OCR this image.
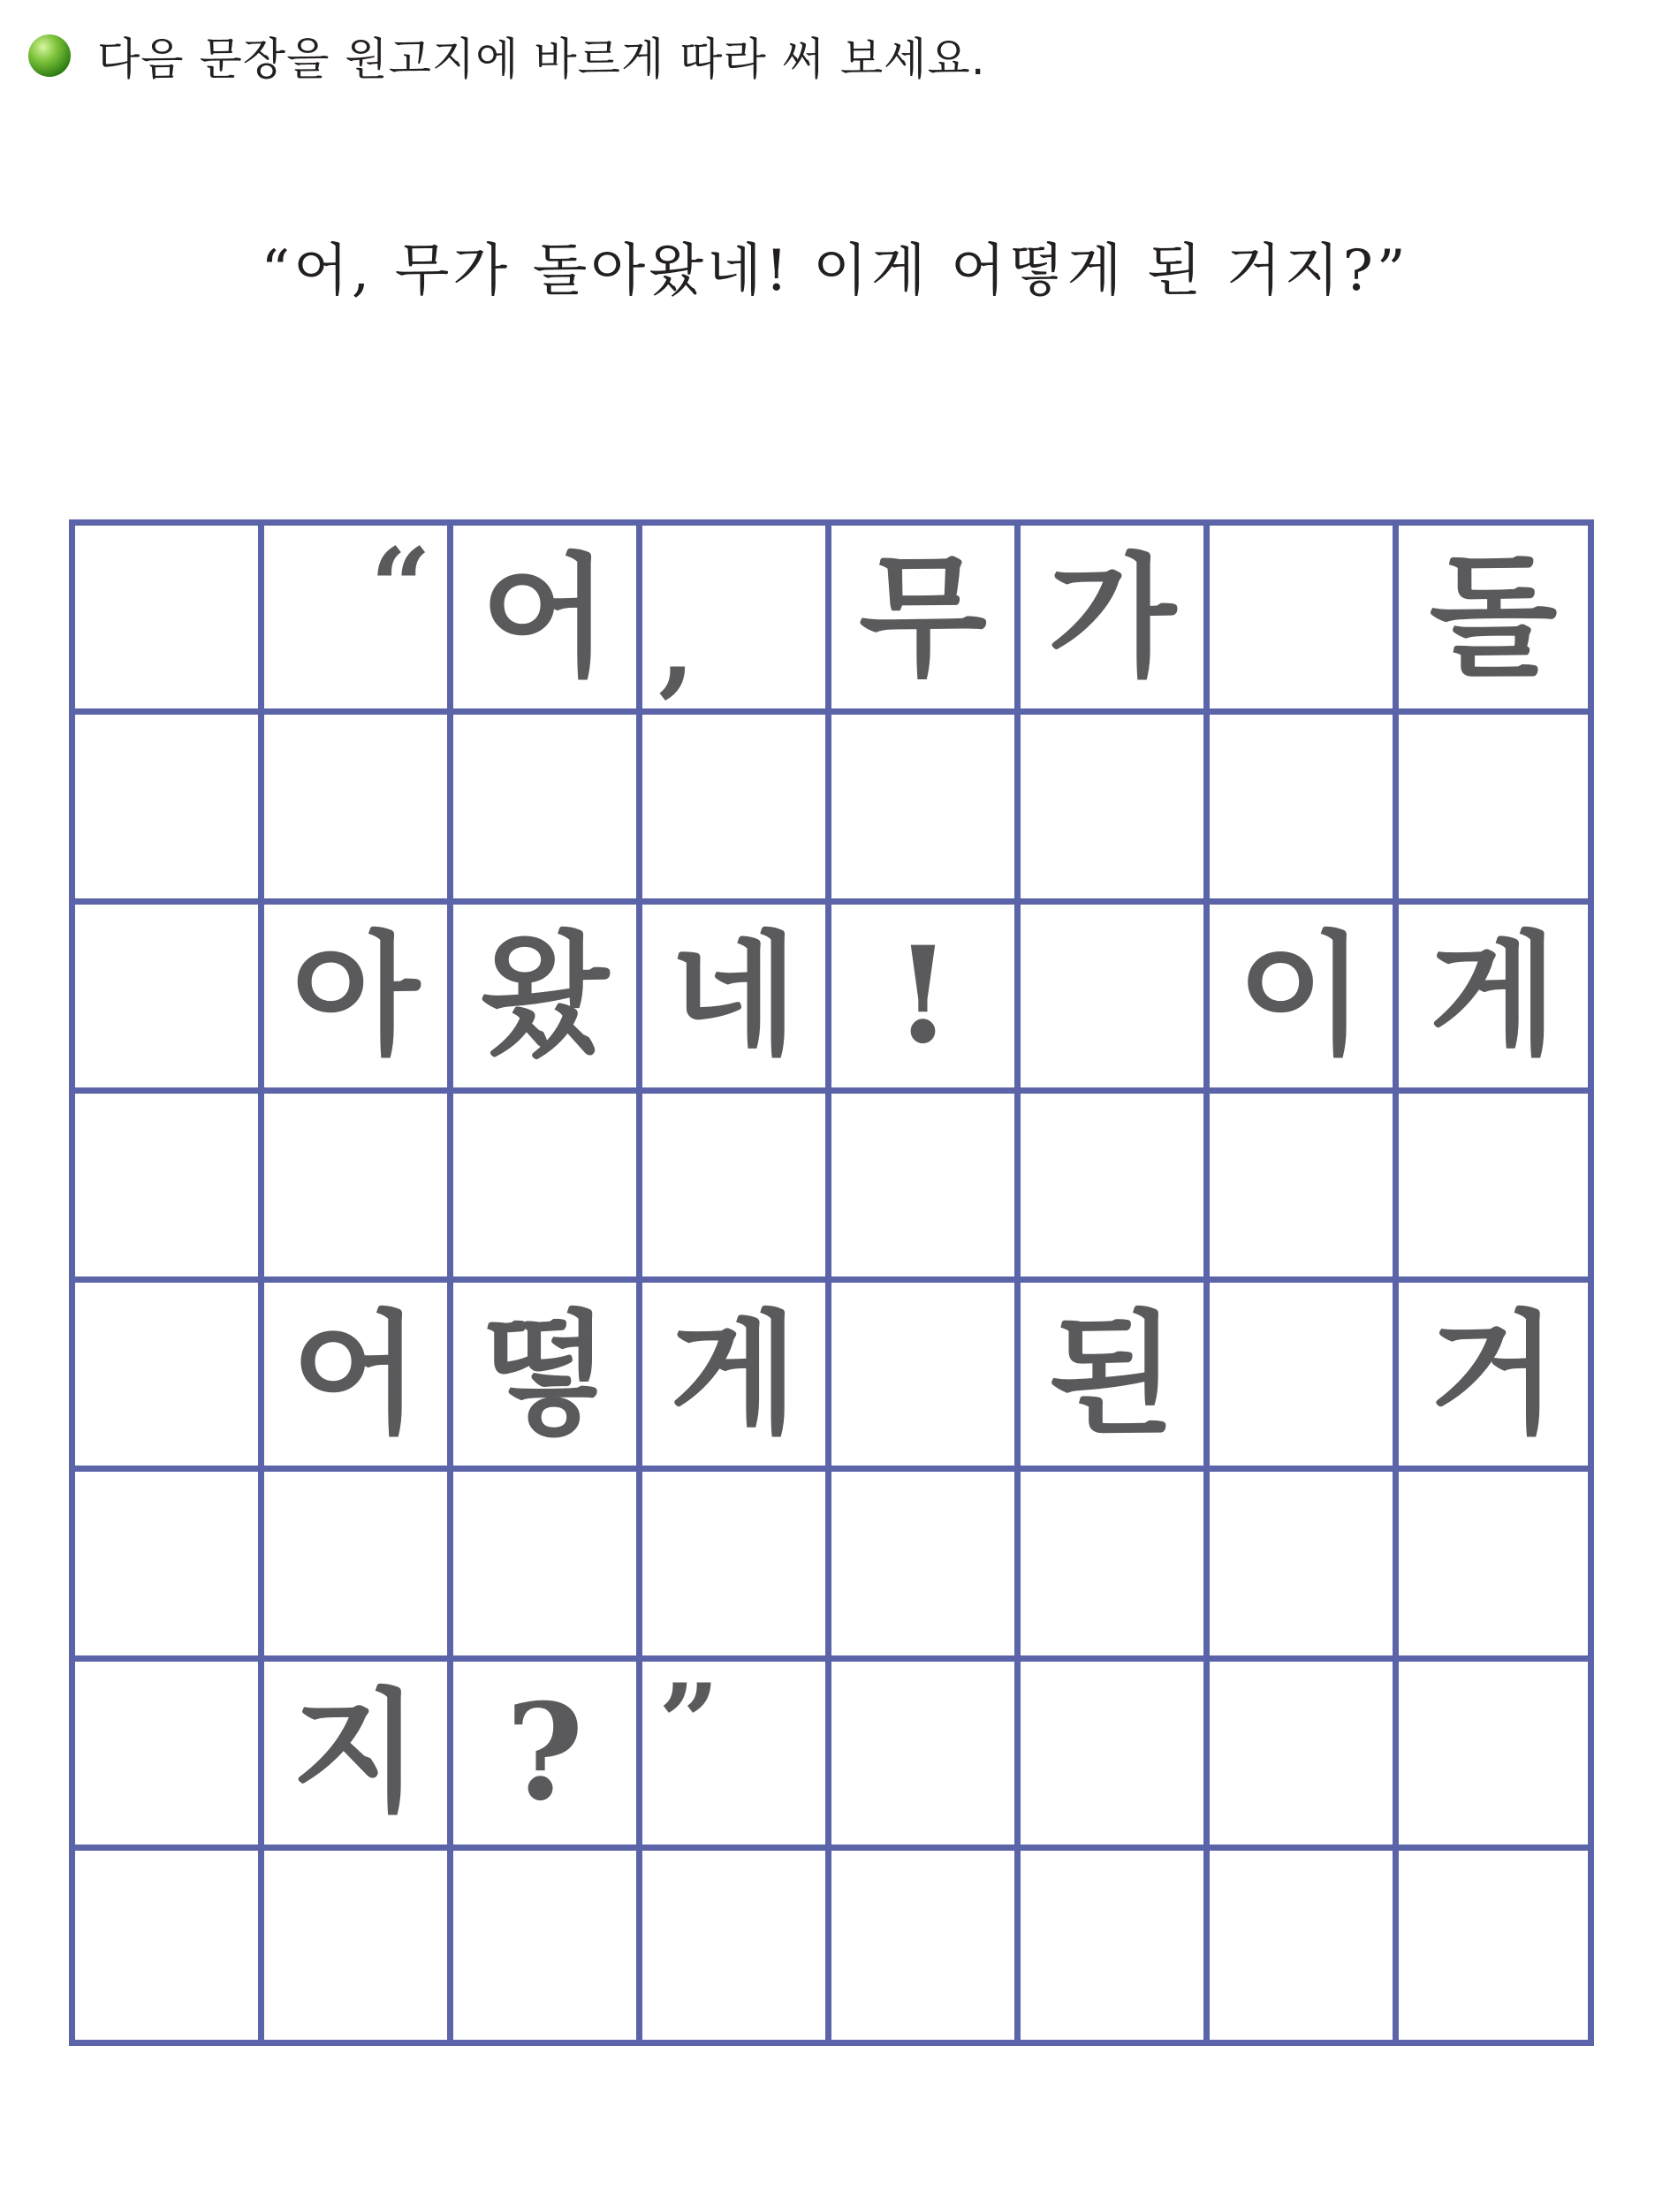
다음 문장을 원고지에 바르게 따라 써 보세요.
“어, 무가 돌아왔네! 이게 어떻게 된 거지?”
“ 어 , 무 가 돌
아 왔 네 ! 이 게
어 떻 게 된 거
지 ? ”
